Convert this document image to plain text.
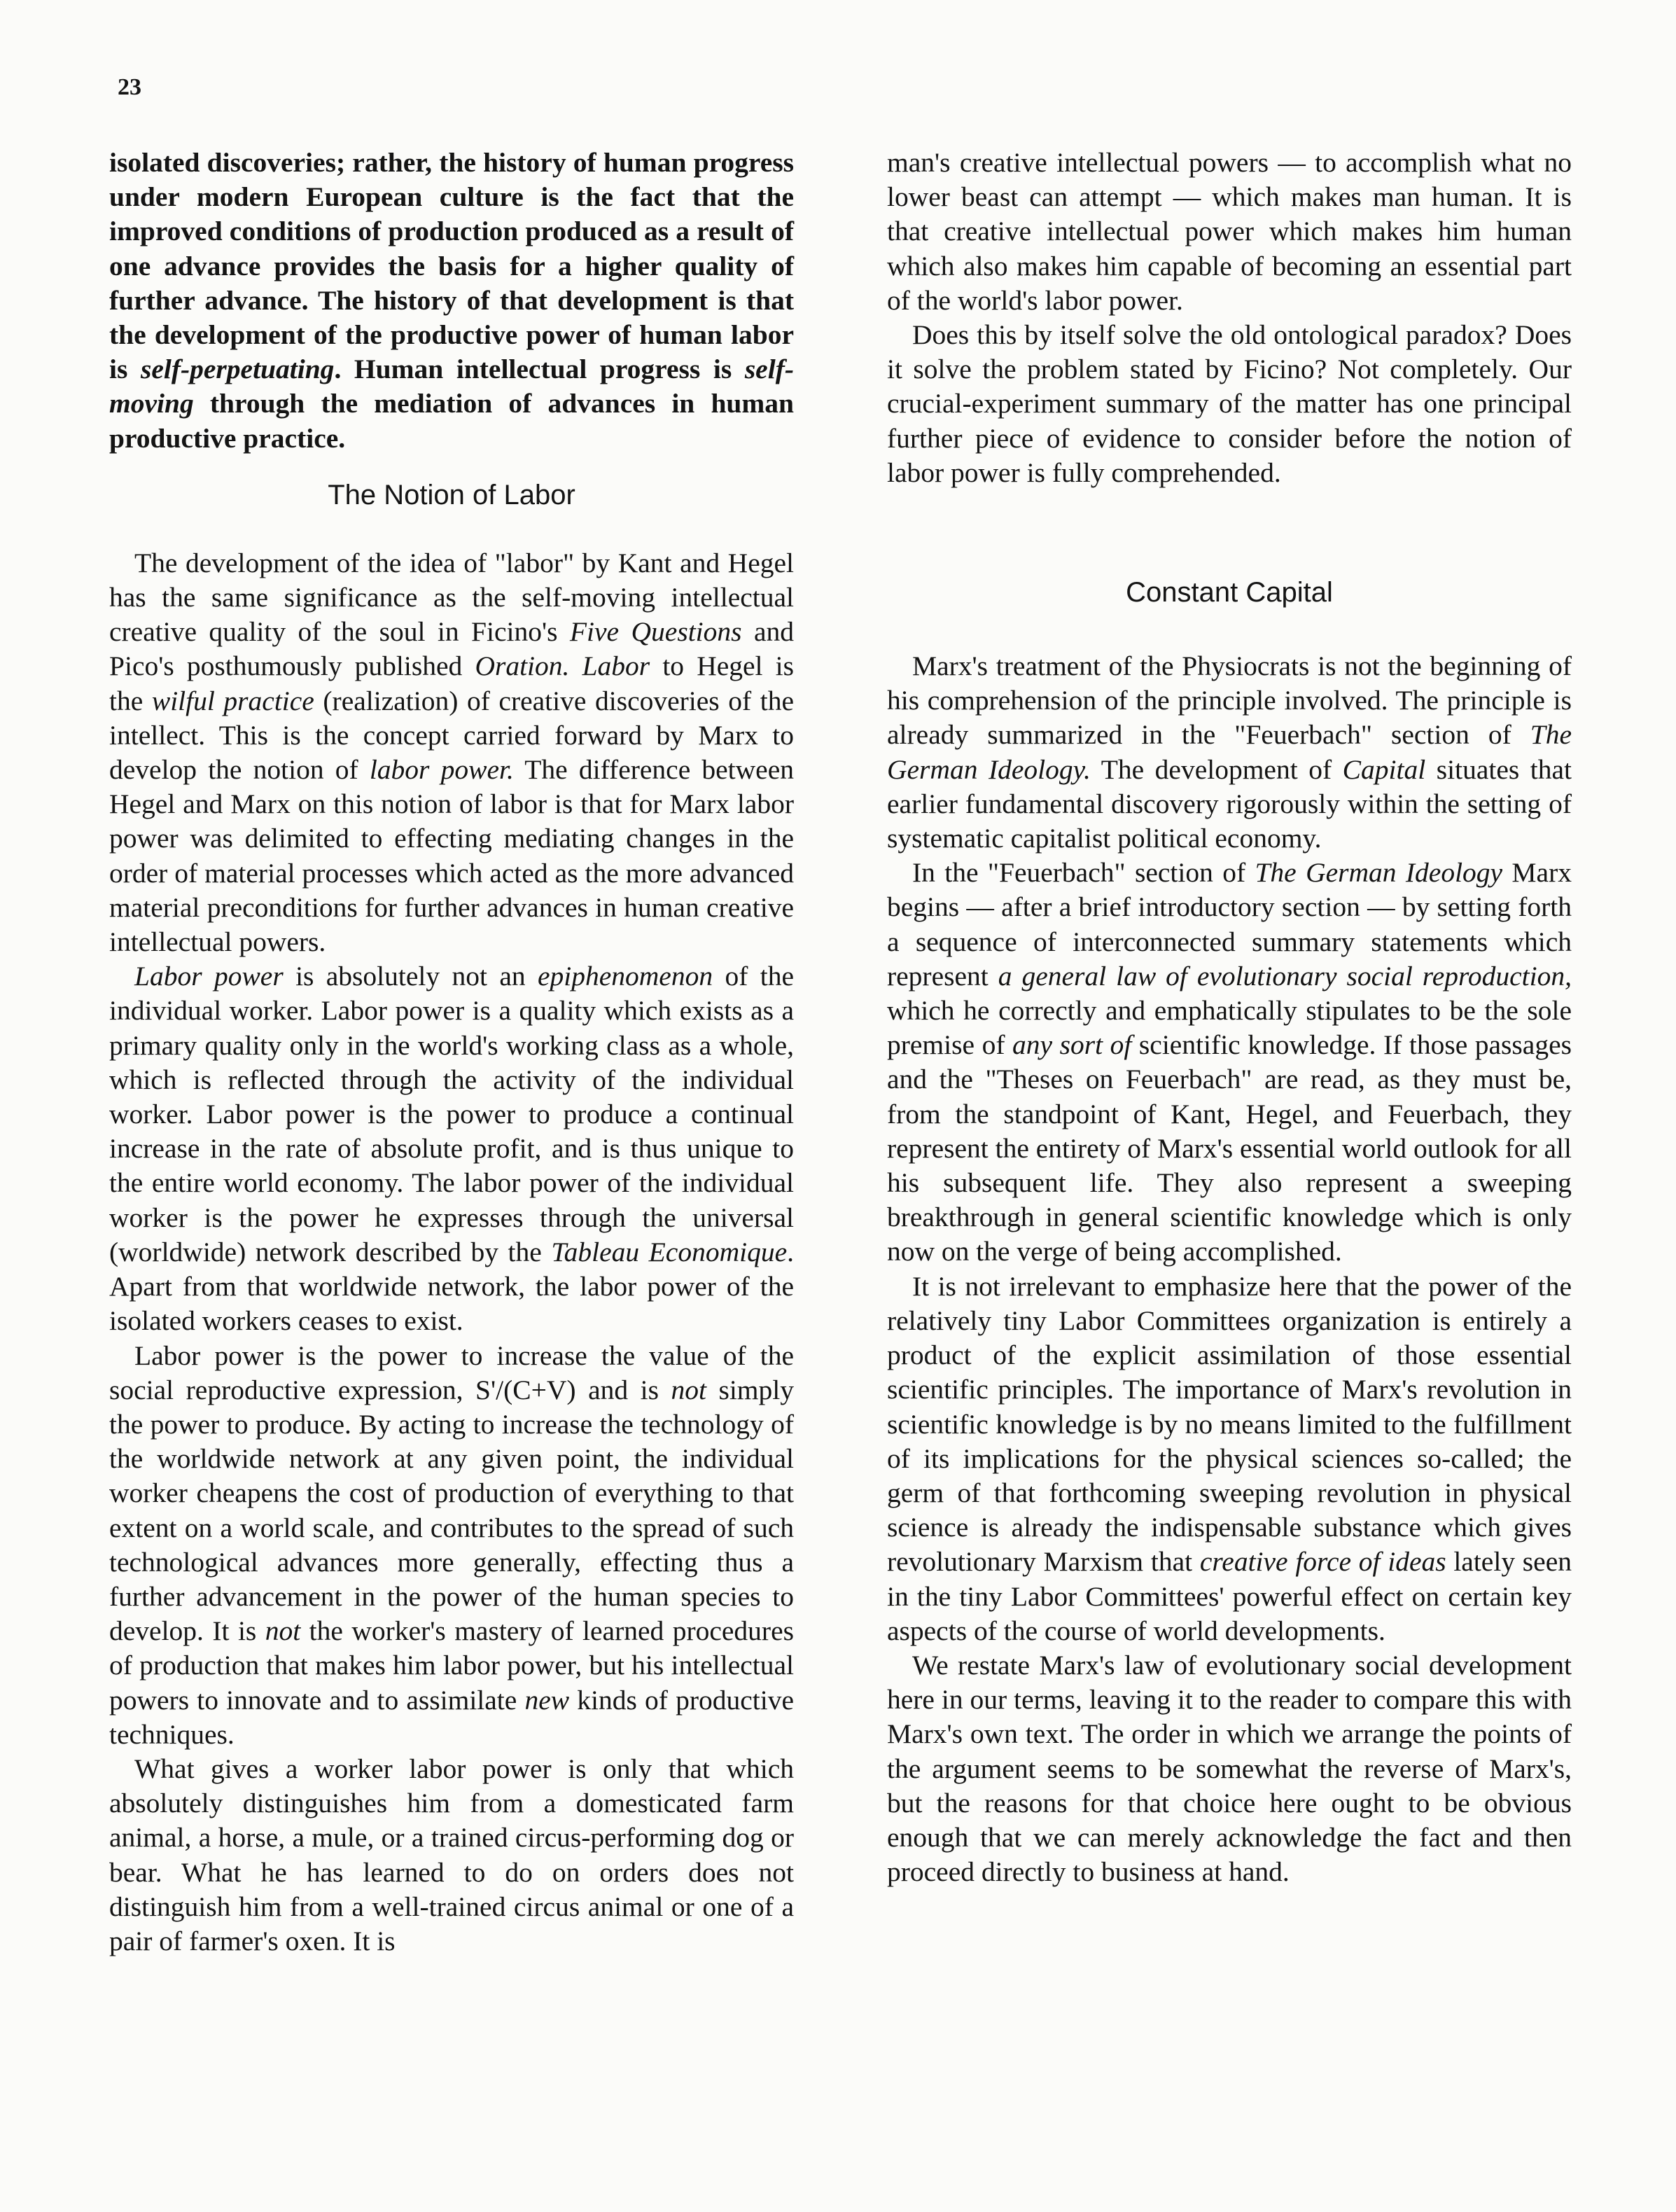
23

isolated discoveries; rather, the history of human progress under modern European culture is the fact that the improved conditions of production produced as a result of one advance provides the basis for a higher quality of further advance. The history of that development is that the development of the productive power of human labor is self-perpetuating. Human intellectual progress is self-moving through the mediation of advances in human productive practice.

The Notion of Labor

The development of the idea of "labor" by Kant and Hegel has the same significance as the self-moving intellectual creative quality of the soul in Ficino's Five Questions and Pico's posthumously published Oration. Labor to Hegel is the wilful practice (realization) of creative discoveries of the intellect. This is the concept carried forward by Marx to develop the notion of labor power. The difference between Hegel and Marx on this notion of labor is that for Marx labor power was delimited to effecting mediating changes in the order of material processes which acted as the more advanced material preconditions for further advances in human creative intellectual powers.

Labor power is absolutely not an epiphenomenon of the individual worker. Labor power is a quality which exists as a primary quality only in the world's working class as a whole, which is reflected through the activity of the individual worker. Labor power is the power to produce a continual increase in the rate of absolute profit, and is thus unique to the entire world economy. The labor power of the individual worker is the power he expresses through the universal (worldwide) network described by the Tableau Economique. Apart from that worldwide network, the labor power of the isolated workers ceases to exist.

Labor power is the power to increase the value of the social reproductive expression, S'/(C+V) and is not simply the power to produce. By acting to increase the technology of the worldwide network at any given point, the individual worker cheapens the cost of production of everything to that extent on a world scale, and contributes to the spread of such technological advances more generally, effecting thus a further advancement in the power of the human species to develop. It is not the worker's mastery of learned procedures of production that makes him labor power, but his intellectual powers to innovate and to assimilate new kinds of productive techniques.

What gives a worker labor power is only that which absolutely distinguishes him from a domesticated farm animal, a horse, a mule, or a trained circus-performing dog or bear. What he has learned to do on orders does not distinguish him from a well-trained circus animal or one of a pair of farmer's oxen. It is

man's creative intellectual powers — to accomplish what no lower beast can attempt — which makes man human. It is that creative intellectual power which makes him human which also makes him capable of becoming an essential part of the world's labor power.

Does this by itself solve the old ontological paradox? Does it solve the problem stated by Ficino? Not completely. Our crucial-experiment summary of the matter has one principal further piece of evidence to consider before the notion of labor power is fully comprehended.

Constant Capital

Marx's treatment of the Physiocrats is not the beginning of his comprehension of the principle involved. The principle is already summarized in the "Feuerbach" section of The German Ideology. The development of Capital situates that earlier fundamental discovery rigorously within the setting of systematic capitalist political economy.

In the "Feuerbach" section of The German Ideology Marx begins — after a brief introductory section — by setting forth a sequence of interconnected summary statements which represent a general law of evolutionary social reproduction, which he correctly and emphatically stipulates to be the sole premise of any sort of scientific knowledge. If those passages and the "Theses on Feuerbach" are read, as they must be, from the standpoint of Kant, Hegel, and Feuerbach, they represent the entirety of Marx's essential world outlook for all his subsequent life. They also represent a sweeping breakthrough in general scientific knowledge which is only now on the verge of being accomplished.

It is not irrelevant to emphasize here that the power of the relatively tiny Labor Committees organization is entirely a product of the explicit assimilation of those essential scientific principles. The importance of Marx's revolution in scientific knowledge is by no means limited to the fulfillment of its implications for the physical sciences so-called; the germ of that forthcoming sweeping revolution in physical science is already the indispensable substance which gives revolutionary Marxism that creative force of ideas lately seen in the tiny Labor Committees' powerful effect on certain key aspects of the course of world developments.

We restate Marx's law of evolutionary social development here in our terms, leaving it to the reader to compare this with Marx's own text. The order in which we arrange the points of the argument seems to be somewhat the reverse of Marx's, but the reasons for that choice here ought to be obvious enough that we can merely acknowledge the fact and then proceed directly to business at hand.
